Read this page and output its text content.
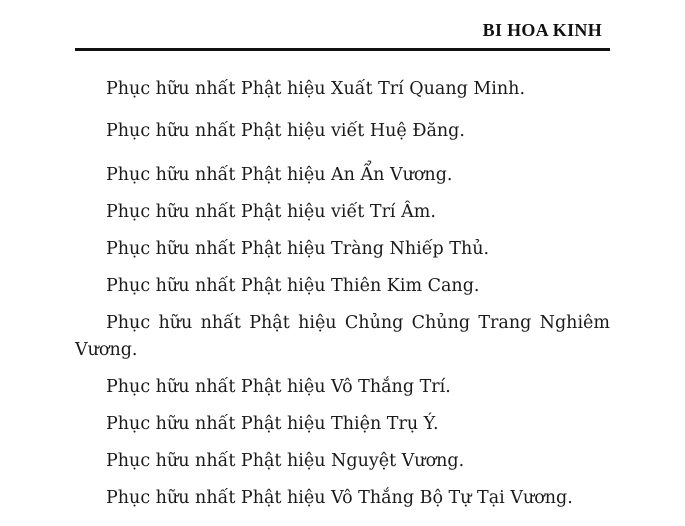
BI HOA KINH

Phục hữu nhất Phật hiệu Xuất Trí Quang Minh.

Phục hữu nhất Phật hiệu viết Huệ Đăng.

Phục hữu nhất Phật hiệu An Ẩn Vương.

Phục hữu nhất Phật hiệu viết Trí Âm.

Phục hữu nhất Phật hiệu Tràng Nhiếp Thủ.

Phục hữu nhất Phật hiệu Thiên Kim Cang.

Phục hữu nhất Phật hiệu Chủng Chủng Trang Nghiêm Vương.

Phục hữu nhất Phật hiệu Vô Thắng Trí.

Phục hữu nhất Phật hiệu Thiện Trụ Ý.

Phục hữu nhất Phật hiệu Nguyệt Vương.

Phục hữu nhất Phật hiệu Vô Thắng Bộ Tự Tại Vương.
